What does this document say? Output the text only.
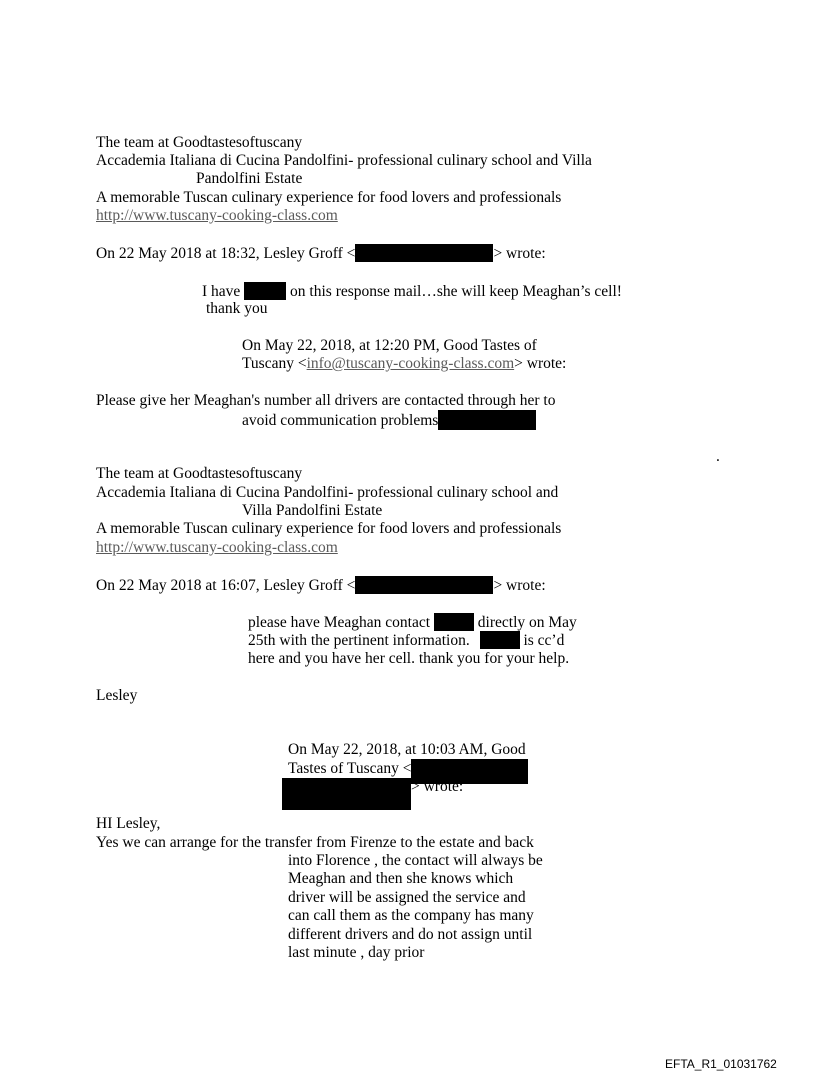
The team at Goodtastesoftuscany
Accademia Italiana di Cucina Pandolfini- professional culinary school and Villa
Pandolfini Estate
A memorable Tuscan culinary experience for food lovers and professionals
http://www.tuscany-cooking-class.com
On 22 May 2018 at 18:32, Lesley Groff <	> wrote:
I have	on this response mail…she will keep Meaghan’s cell!
thank you
On May 22, 2018, at 12:20 PM, Good Tastes of
Tuscany <info@tuscany-cooking-class.com> wrote:
Please give her Meaghan's number all drivers are contacted through her to
avoid communication problems
.
The team at Goodtastesoftuscany
Accademia Italiana di Cucina Pandolfini- professional culinary school and
Villa Pandolfini Estate
A memorable Tuscan culinary experience for food lovers and professionals
http://www.tuscany-cooking-class.com
On 22 May 2018 at 16:07, Lesley Groff <	> wrote:
please have Meaghan contact	directly on May
25th with the pertinent information.	is cc’d
here and you have her cell. thank you for your help.
Lesley
On May 22, 2018, at 10:03 AM, Good
Tastes of Tuscany <
> wrote:
HI Lesley,
Yes we can arrange for the transfer from Firenze to the estate and back
into Florence , the contact will always be
Meaghan and then she knows which
driver will be assigned the service and
can call them as the company has many
different drivers and do not assign until
last minute , day prior
EFTA_R1_01031762
